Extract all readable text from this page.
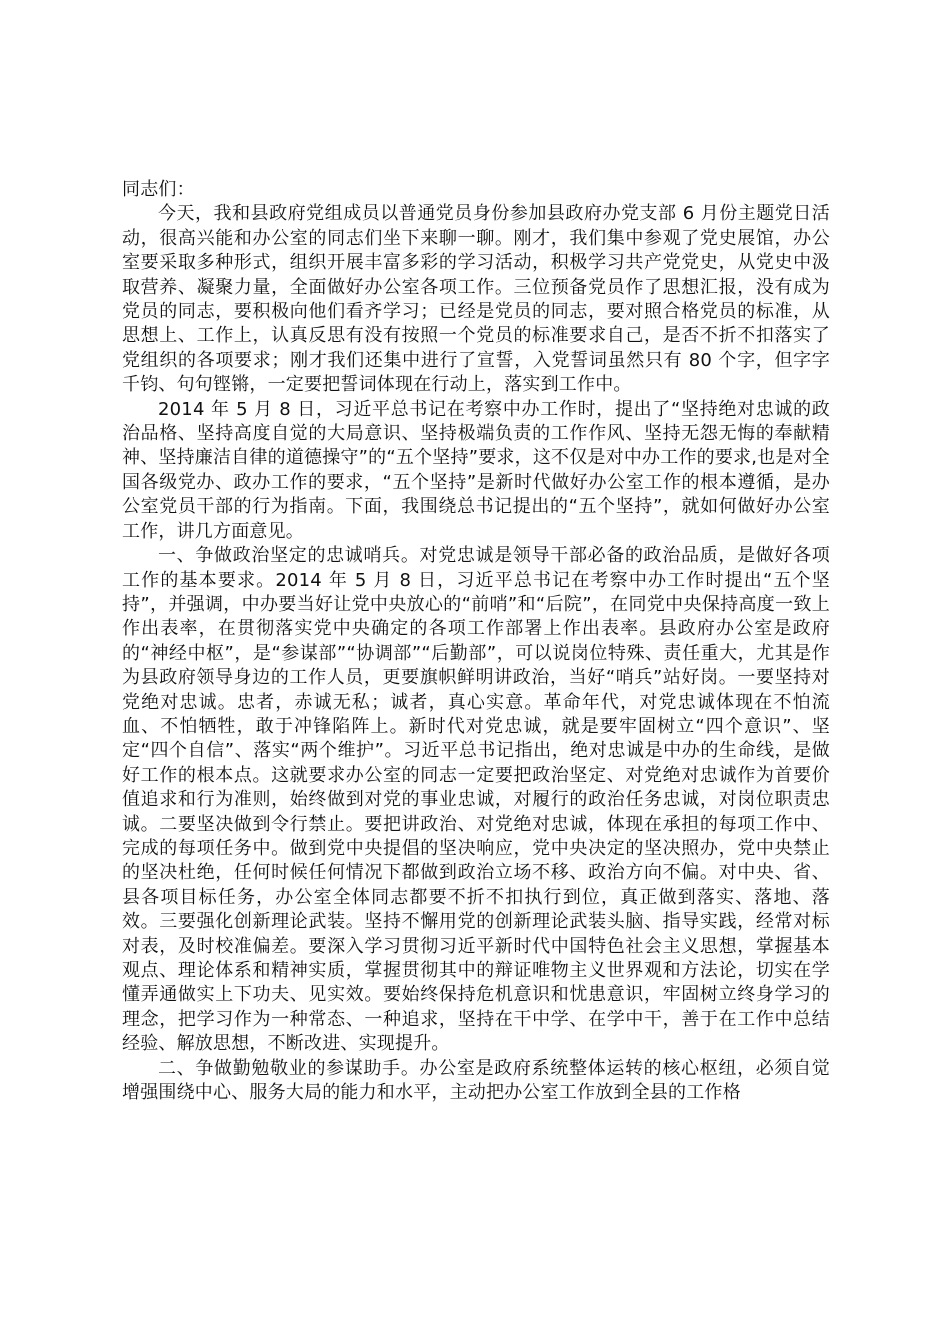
同志们：

今天，我和县政府党组成员以普通党员身份参加县政府办党支部 6 月份主题党日活动，很高兴能和办公室的同志们坐下来聊一聊。刚才，我们集中参观了党史展馆，办公室要采取多种形式，组织开展丰富多彩的学习活动，积极学习共产党党史，从党史中汲取营养、凝聚力量，全面做好办公室各项工作。三位预备党员作了思想汇报，没有成为党员的同志，要积极向他们看齐学习；已经是党员的同志，要对照合格党员的标准，从思想上、工作上，认真反思有没有按照一个党员的标准要求自己，是否不折不扣落实了党组织的各项要求；刚才我们还集中进行了宣誓，入党誓词虽然只有 80 个字，但字字千钧、句句铿锵，一定要把誓词体现在行动上，落实到工作中。

2014 年 5 月 8 日，习近平总书记在考察中办工作时，提出了“坚持绝对忠诚的政治品格、坚持高度自觉的大局意识、坚持极端负责的工作作风、坚持无怨无悔的奉献精神、坚持廉洁自律的道德操守”的“五个坚持”要求，这不仅是对中办工作的要求,也是对全国各级党办、政办工作的要求，“五个坚持”是新时代做好办公室工作的根本遵循，是办公室党员干部的行为指南。下面，我围绕总书记提出的“五个坚持”，就如何做好办公室工作，讲几方面意见。

一、争做政治坚定的忠诚哨兵。对党忠诚是领导干部必备的政治品质，是做好各项工作的基本要求。2014 年 5 月 8 日，习近平总书记在考察中办工作时提出“五个坚持”，并强调，中办要当好让党中央放心的“前哨”和“后院”，在同党中央保持高度一致上作出表率，在贯彻落实党中央确定的各项工作部署上作出表率。县政府办公室是政府的“神经中枢”，是“参谋部”“协调部”“后勤部”，可以说岗位特殊、责任重大，尤其是作为县政府领导身边的工作人员，更要旗帜鲜明讲政治，当好“哨兵”站好岗。一要坚持对党绝对忠诚。忠者，赤诚无私；诚者，真心实意。革命年代，对党忠诚体现在不怕流血、不怕牺牲，敢于冲锋陷阵上。新时代对党忠诚，就是要牢固树立“四个意识”、坚定“四个自信”、落实“两个维护”。习近平总书记指出，绝对忠诚是中办的生命线，是做好工作的根本点。这就要求办公室的同志一定要把政治坚定、对党绝对忠诚作为首要价值追求和行为准则，始终做到对党的事业忠诚，对履行的政治任务忠诚，对岗位职责忠诚。二要坚决做到令行禁止。要把讲政治、对党绝对忠诚，体现在承担的每项工作中、完成的每项任务中。做到党中央提倡的坚决响应，党中央决定的坚决照办，党中央禁止的坚决杜绝，任何时候任何情况下都做到政治立场不移、政治方向不偏。对中央、省、县各项目标任务，办公室全体同志都要不折不扣执行到位，真正做到落实、落地、落效。三要强化创新理论武装。坚持不懈用党的创新理论武装头脑、指导实践，经常对标对表，及时校准偏差。要深入学习贯彻习近平新时代中国特色社会主义思想，掌握基本观点、理论体系和精神实质，掌握贯彻其中的辩证唯物主义世界观和方法论，切实在学懂弄通做实上下功夫、见实效。要始终保持危机意识和忧患意识，牢固树立终身学习的理念，把学习作为一种常态、一种追求，坚持在干中学、在学中干，善于在工作中总结经验、解放思想，不断改进、实现提升。

二、争做勤勉敬业的参谋助手。办公室是政府系统整体运转的核心枢纽，必须自觉增强围绕中心、服务大局的能力和水平，主动把办公室工作放到全县的工作格
